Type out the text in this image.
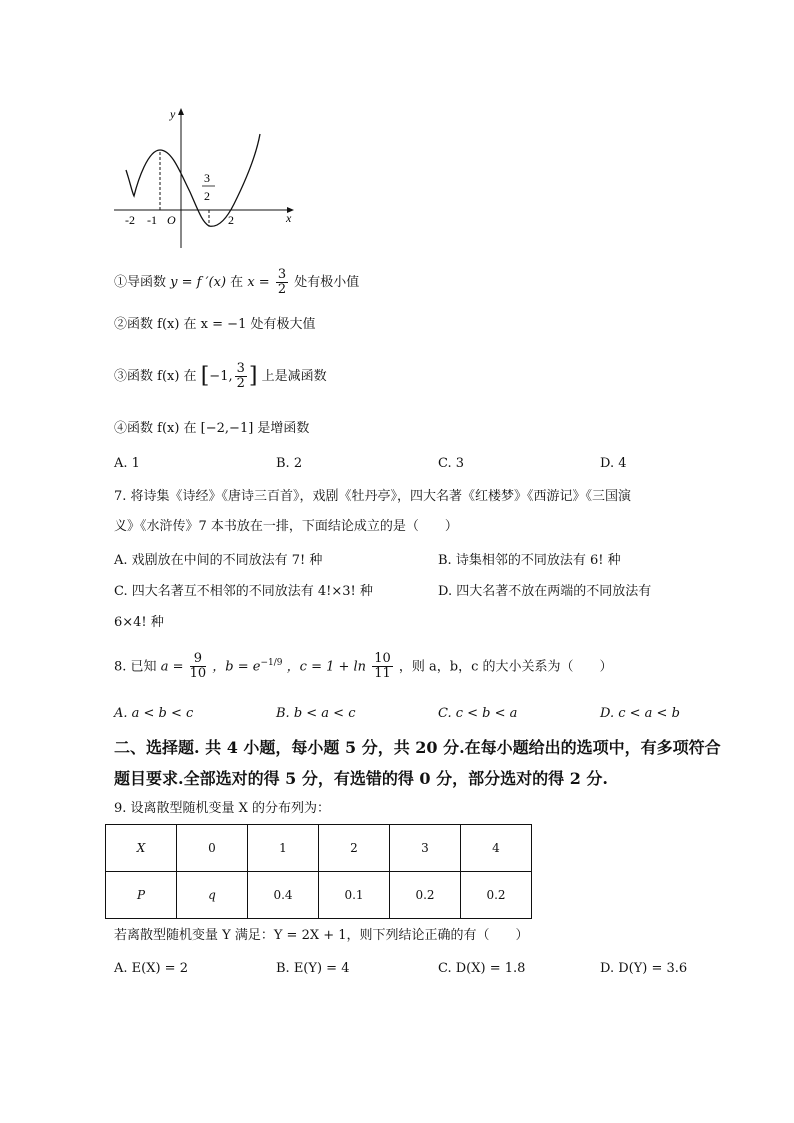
y
x
O
-2 -1	2
3
2
①导函数 y = f ′(x) 在 $x = \frac{3}{2}$ 处有极小值
②函数 f(x) 在 x = −1 处有极大值
③函数 f(x) 在 [−1, $\frac{3}{2}$ ] 上是减函数
④函数 f(x) 在 [−2,−1] 是增函数
A. 1	B. 2	C. 3	D. 4
7. 将诗集《诗经》《唐诗三百首》，戏剧《牡丹亭》，四大名著《红楼梦》《西游记》《三国演
义》《水浒传》7 本书放在一排，下面结论成立的是（　　）
A. 戏剧放在中间的不同放法有 7! 种	B. 诗集相邻的不同放法有 6! 种
C. 四大名著互不相邻的不同放法有 4!×3! 种	D. 四大名著不放在两端的不同放法有
6×4! 种
8. 已知 $a = \frac{9}{10}$ ，$b = e^{-1/9}$ ，$c = 1 + \ln \frac{10}{11}$ ，则 a，b，c 的大小关系为（　　）
A. a < b < c	B. b < a < c	C. c < b < a	D. c < a < b
二、选择题. 共 4 小题，每小题 5 分，共 20 分.在每小题给出的选项中，有多项符合
题目要求.全部选对的得 5 分，有选错的得 0 分，部分选对的得 2 分.
9. 设离散型随机变量 X 的分布列为：
X	0	1	2	3	4
P	q	0.4	0.1	0.2	0.2
若离散型随机变量 Y 满足：Y = 2X + 1，则下列结论正确的有（　　）
A. E(X) = 2	B. E(Y) = 4	C. D(X) = 1.8	D. D(Y) = 3.6
